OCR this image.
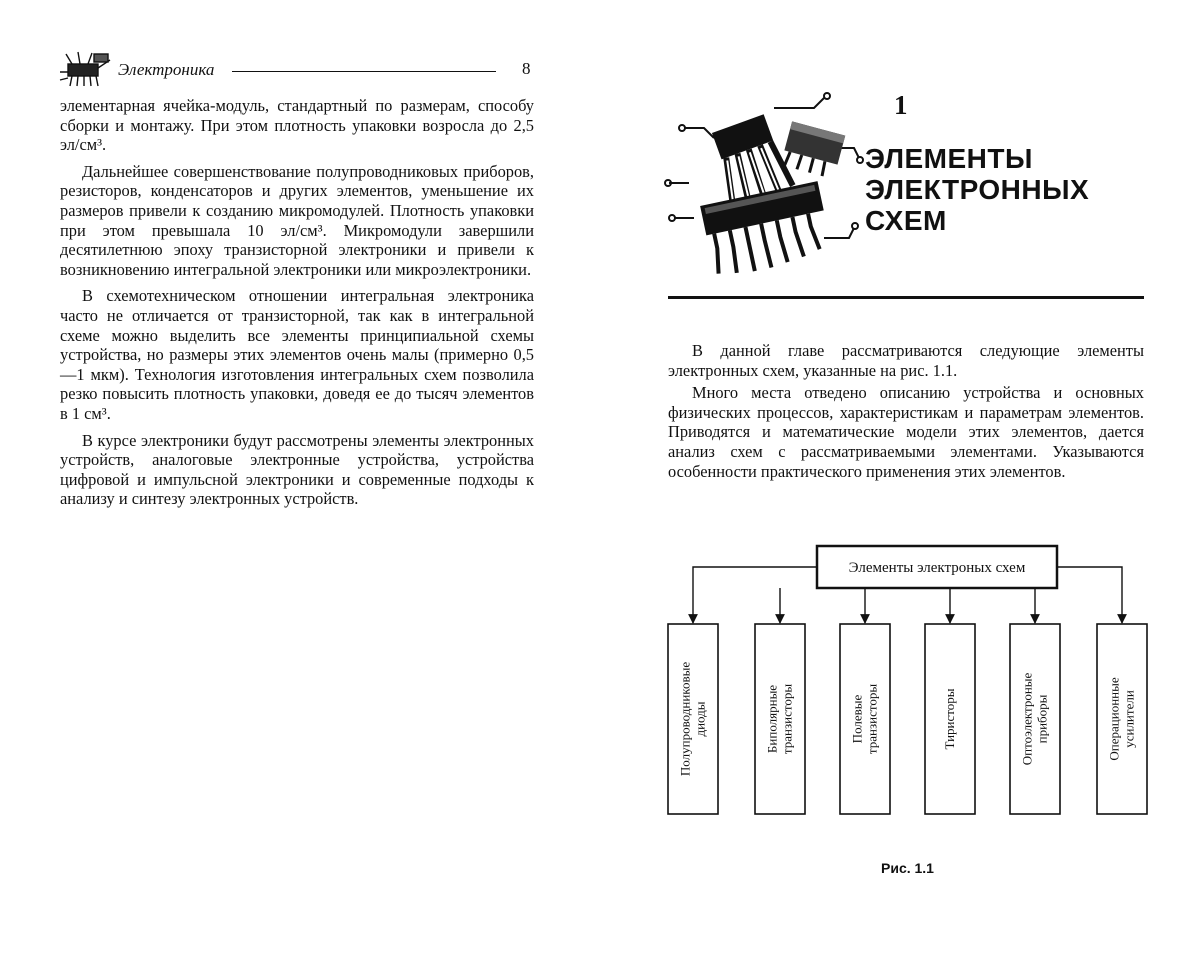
Электроника	8

элементарная ячейка-модуль, стандартный по размерам, способу сборки и монтажу. При этом плотность упаковки возросла до 2,5 эл/см³.

Дальнейшее совершенствование полупроводниковых приборов, резисторов, конденсаторов и других элементов, уменьшение их размеров привели к созданию микромодулей. Плотность упаковки при этом превышала 10 эл/см³. Микромодули завершили десятилетнюю эпоху транзисторной электроники и привели к возникновению интегральной электроники или микроэлектроники.

В схемотехническом отношении интегральная электроника часто не отличается от транзисторной, так как в интегральной схеме можно выделить все элементы принципиальной схемы устройства, но размеры этих элементов очень малы (примерно 0,5—1 мкм). Технология изготовления интегральных схем позволила резко повысить плотность упаковки, доведя ее до тысяч элементов в 1 см³.

В курсе электроники будут рассмотрены элементы электронных устройств, аналоговые электронные устройства, устройства цифровой и импульсной электроники и современные подходы к анализу и синтезу электронных устройств.

1
ЭЛЕМЕНТЫ
ЭЛЕКТРОННЫХ
СХЕМ

В данной главе рассматриваются следующие элементы электронных схем, указанные на рис. 1.1.

Много места отведено описанию устройства и основных физических процессов, характеристикам и параметрам элементов. Приводятся и математические модели этих элементов, дается анализ схем с рассматриваемыми элементами. Указываются особенности практического применения этих элементов.

Элементы электроных схем
Полупроводниковыедиоды	Биполярныетранзисторы	Полевыетранзисторы	Тиристоры	Оптоэлектроныеприборы	Операционныеусилители
Рис. 1.1
